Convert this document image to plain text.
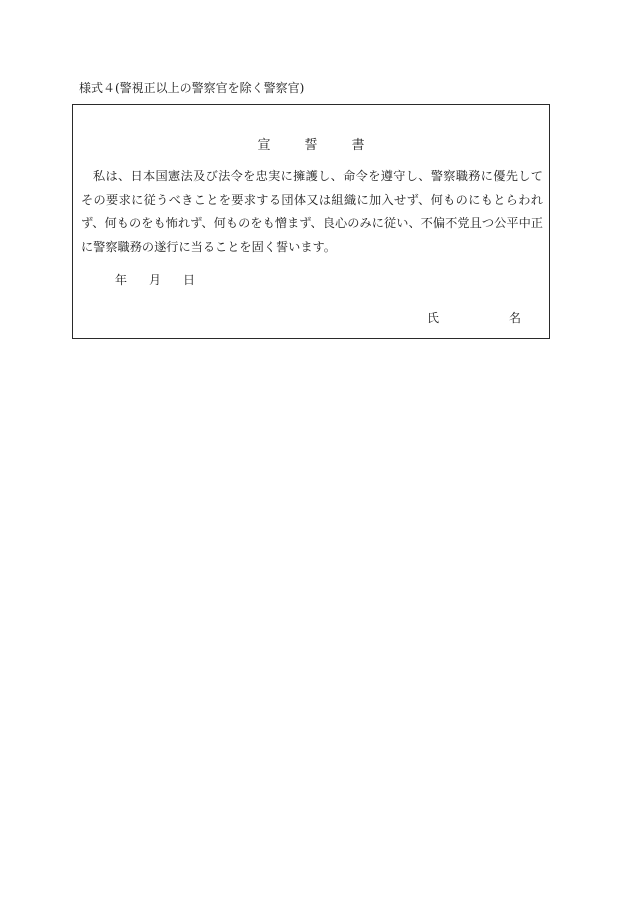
様式４(警視正以上の警察官を除く警察官)
宣	誓	書

私は、日本国憲法及び法令を忠実に擁護し、命令を遵守し、警察職務に優先してその要求に従うべきことを要求する団体又は組織に加入せず、何ものにもとらわれず、何ものをも怖れず、何ものをも憎まず、良心のみに従い、不偏不党且つ公平中正に警察職務の遂行に当ることを固く誓います。

年 月 日
氏	名
